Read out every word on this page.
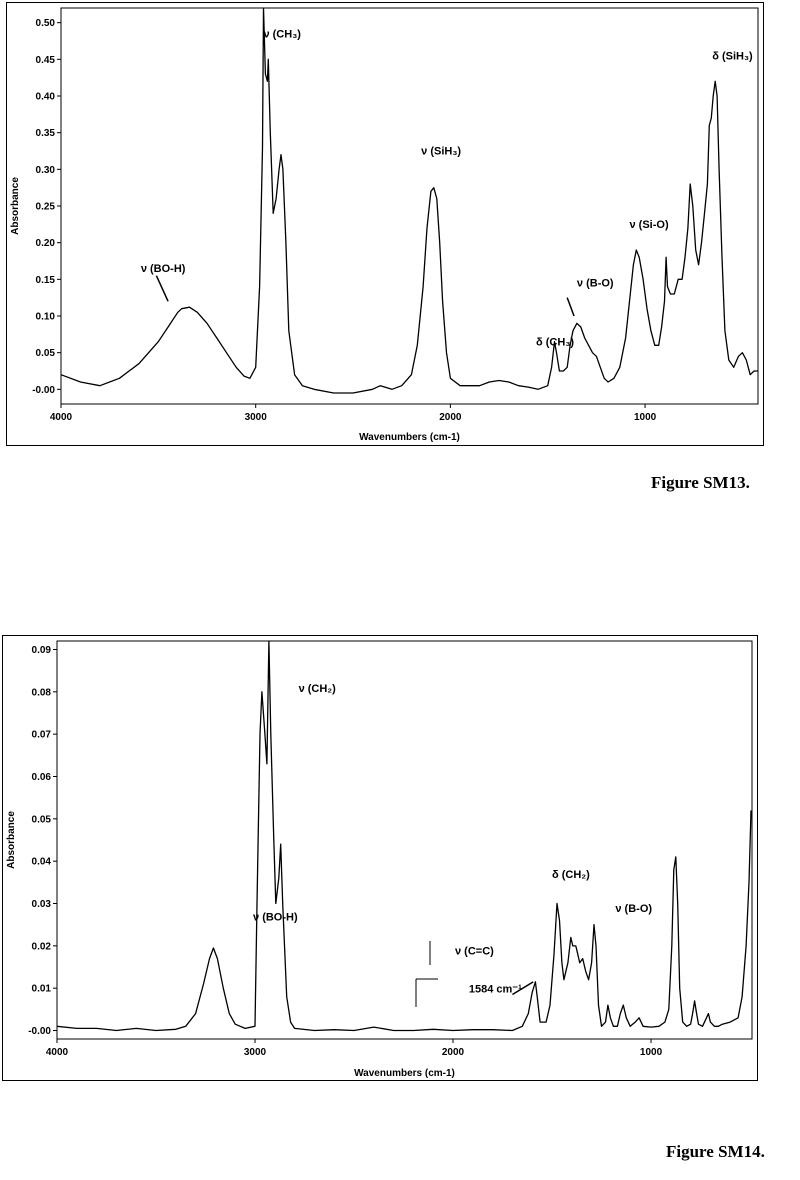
0.50
0.45
0.40
0.35
0.30
0.25
0.20
0.15
0.10
0.05
-0.00
4000	3000	2000	1000
Wavenumbers (cm-1)
Absorbance
ν (CH₃)
ν (BO-H)
ν (SiH₃)
δ (CH₃)
ν (B-O)
ν (Si-O)
δ (SiH₃)
Figure SM13.
0.09
0.08
0.07
0.06
0.05
0.04
0.03
0.02
0.01
-0.00
4000	3000	2000	1000
Wavenumbers (cm-1)
Absorbance
ν (CH₂)
ν (BO-H)
δ (CH₂)
ν (B-O)
ν (C=C)
1584 cm⁻¹
Figure SM14.
